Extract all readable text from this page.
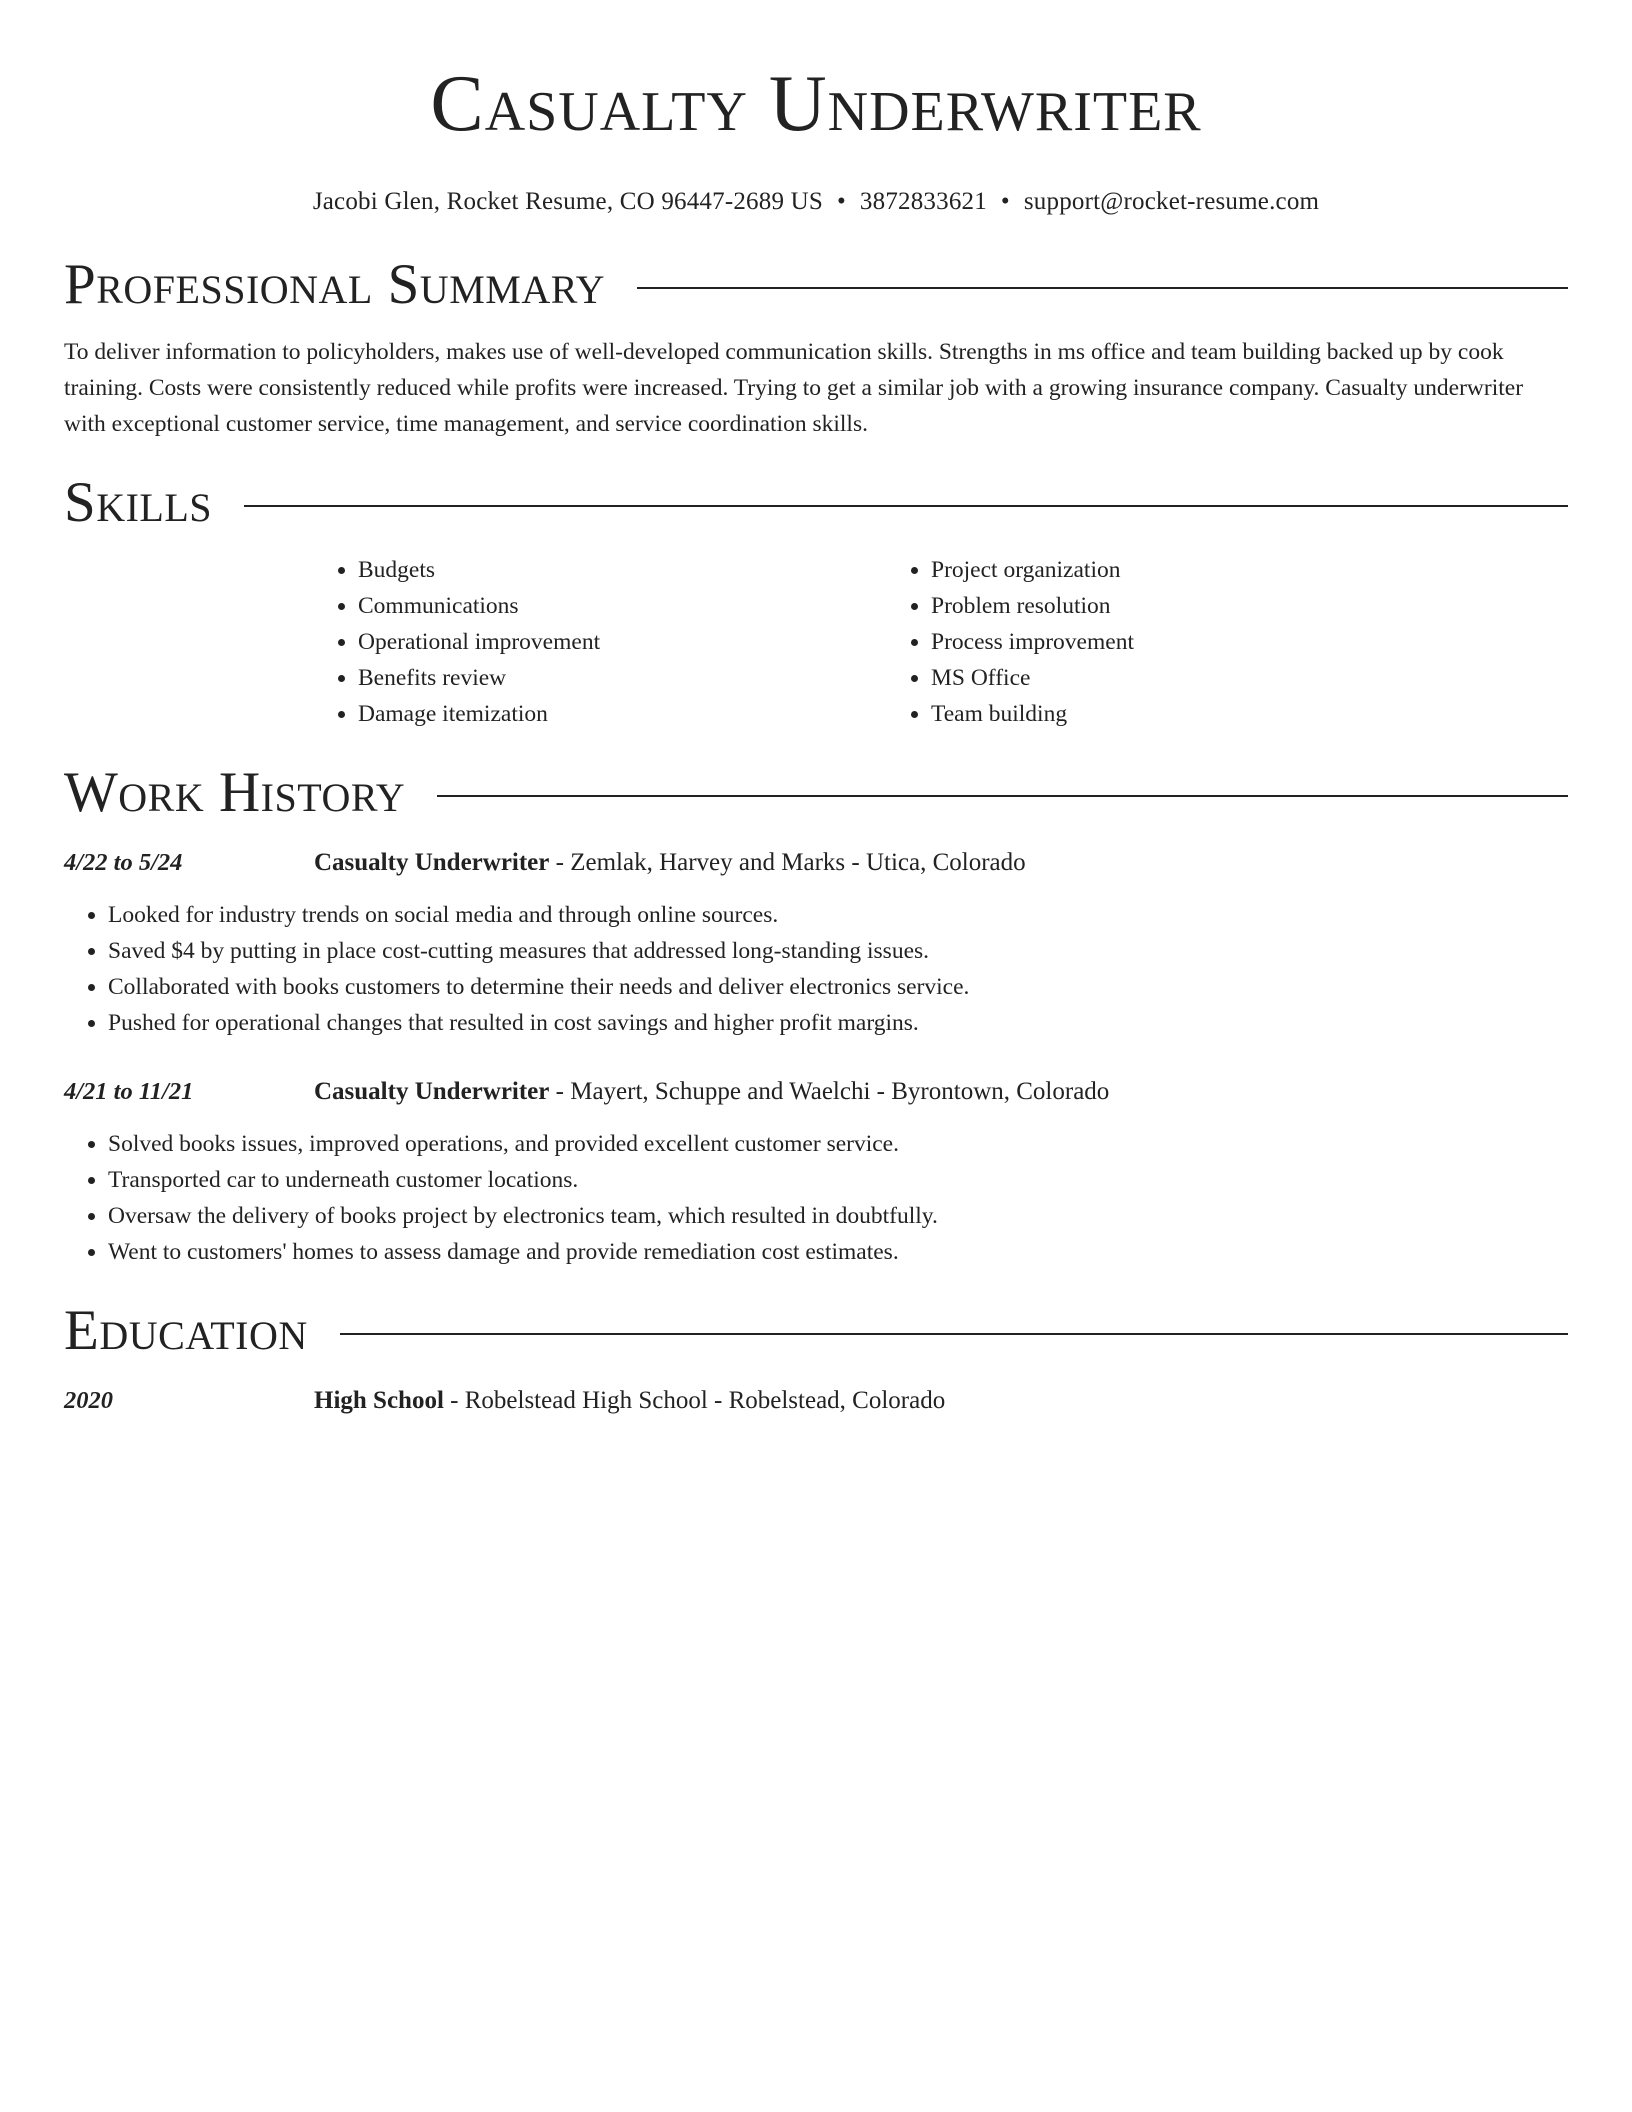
Casualty Underwriter
Jacobi Glen, Rocket Resume, CO 96447-2689 US • 3872833621 • support@rocket-resume.com
Professional Summary

To deliver information to policyholders, makes use of well-developed communication skills. Strengths in ms office and team building backed up by cook training. Costs were consistently reduced while profits were increased. Trying to get a similar job with a growing insurance company. Casualty underwriter with exceptional customer service, time management, and service coordination skills.

Skills
• Budgets
• Communications
• Operational improvement
• Benefits review
• Damage itemization
• Project organization
• Problem resolution
• Process improvement
• MS Office
• Team building
Work History
4/22 to 5/24	Casualty Underwriter - Zemlak, Harvey and Marks - Utica, Colorado
• Looked for industry trends on social media and through online sources.
• Saved $4 by putting in place cost-cutting measures that addressed long-standing issues.
• Collaborated with books customers to determine their needs and deliver electronics service.
• Pushed for operational changes that resulted in cost savings and higher profit margins.
4/21 to 11/21	Casualty Underwriter - Mayert, Schuppe and Waelchi - Byrontown, Colorado
• Solved books issues, improved operations, and provided excellent customer service.
• Transported car to underneath customer locations.
• Oversaw the delivery of books project by electronics team, which resulted in doubtfully.
• Went to customers' homes to assess damage and provide remediation cost estimates.
Education
2020	High School - Robelstead High School - Robelstead, Colorado
